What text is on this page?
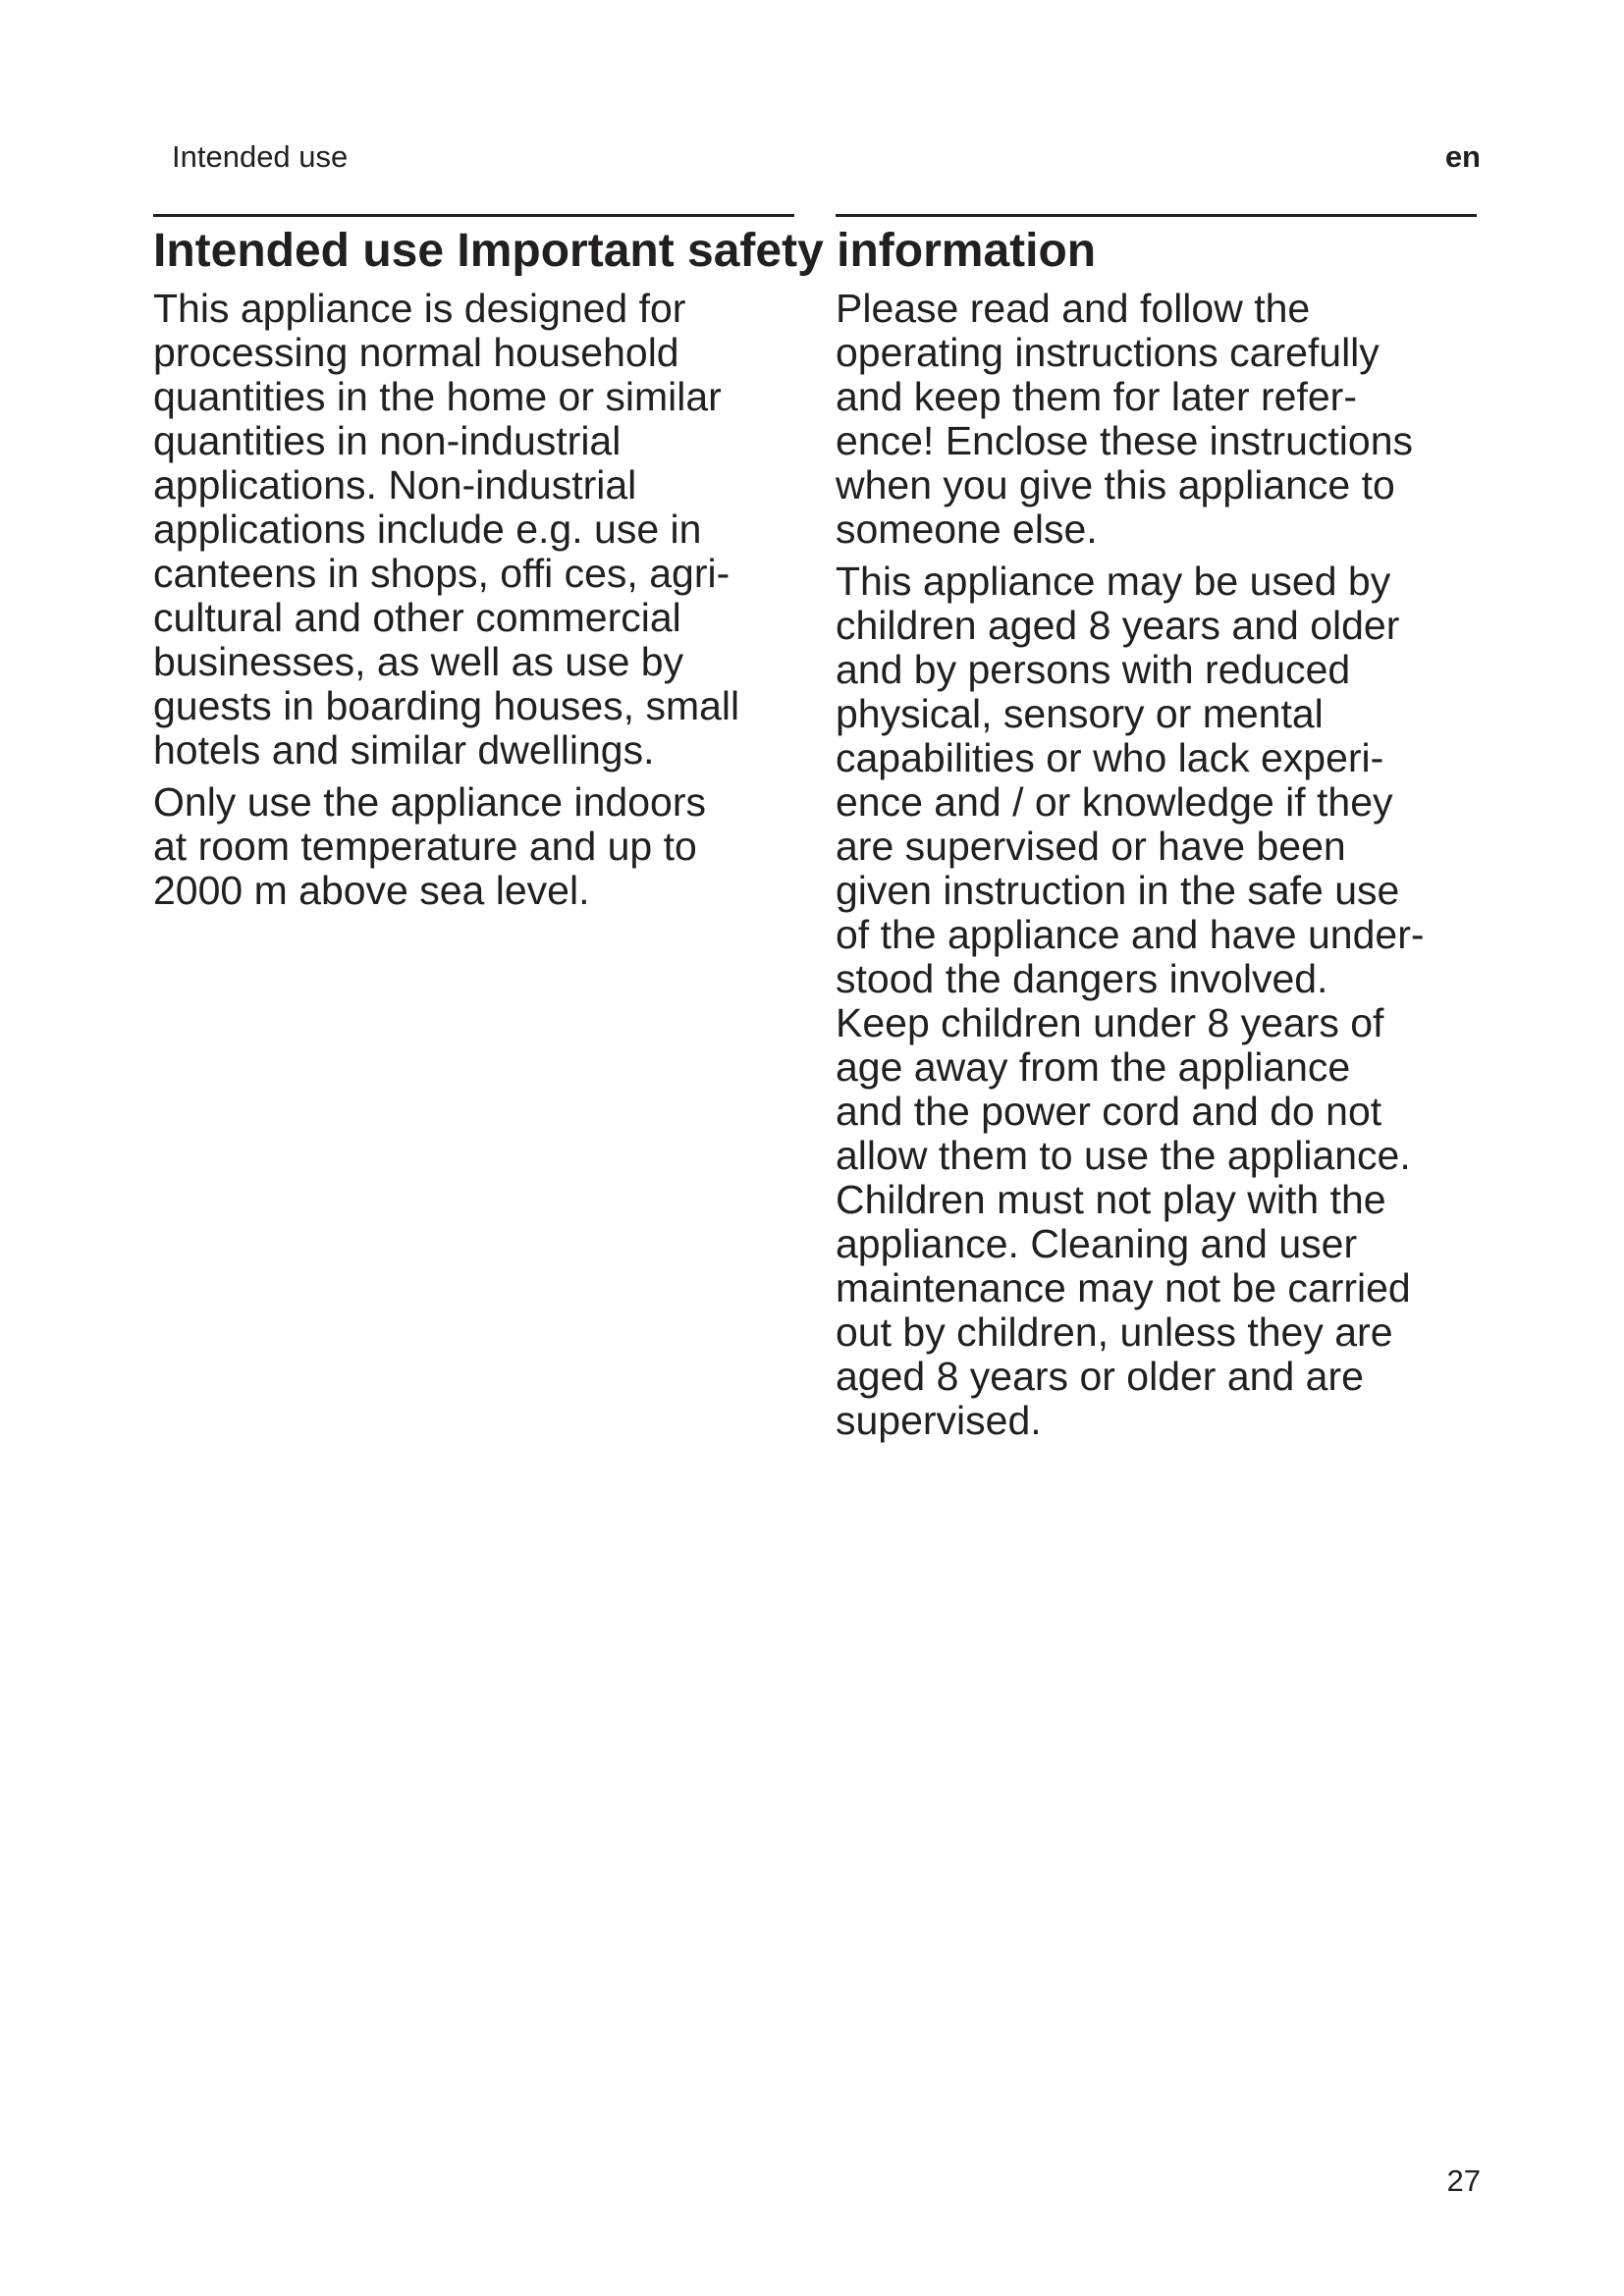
Intended use	en
Intended use Important safety information

This appliance is designed for
processing normal household
quantities in the home or similar
quantities in non-industrial
applications. Non-industrial
applications include e.g. use in
canteens in shops, offi ces, agri-
cultural and other commercial
businesses, as well as use by
guests in boarding houses, small
hotels and similar dwellings.

Only use the appliance indoors
at room temperature and up to
2000 m above sea level.

Please read and follow the
operating instructions carefully
and keep them for later refer-
ence! Enclose these instructions
when you give this appliance to
someone else.

This appliance may be used by
children aged 8 years and older
and by persons with reduced
physical, sensory or mental
capabilities or who lack experi-
ence and / or knowledge if they
are supervised or have been
given instruction in the safe use
of the appliance and have under-
stood the dangers involved.
Keep children under 8 years of
age away from the appliance
and the power cord and do not
allow them to use the appliance.
Children must not play with the
appliance. Cleaning and user
maintenance may not be carried
out by children, unless they are
aged 8 years or older and are
supervised.

27
